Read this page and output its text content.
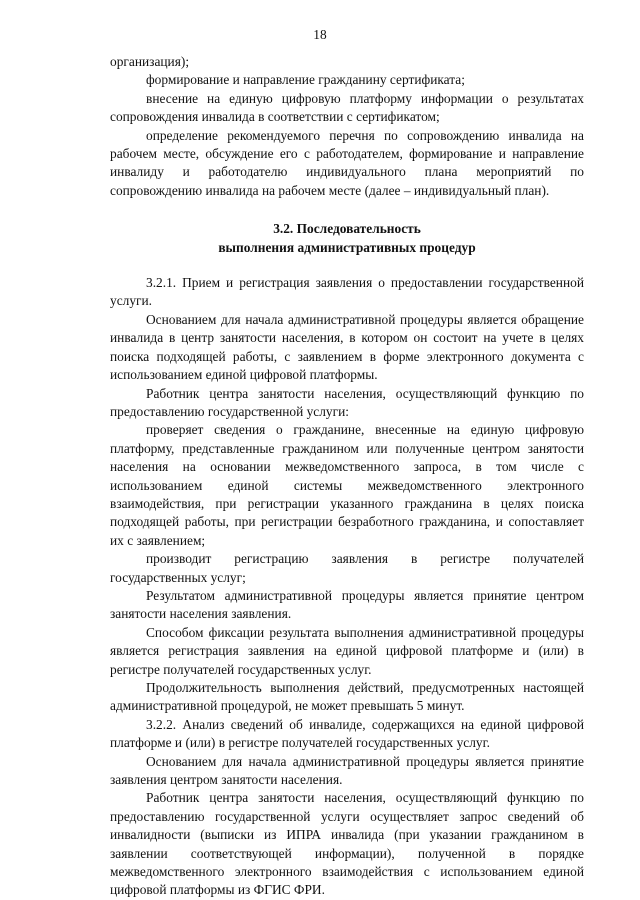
18

организация);

формирование и направление гражданину сертификата;

внесение на единую цифровую платформу информации о результатах сопровождения инвалида в соответствии с сертификатом;

определение рекомендуемого перечня по сопровождению инвалида на рабочем месте, обсуждение его с работодателем, формирование и направление инвалиду и работодателю индивидуального плана мероприятий по сопровождению инвалида на рабочем месте (далее – индивидуальный план).

3.2. Последовательность
выполнения административных процедур

3.2.1. Прием и регистрация заявления о предоставлении государственной услуги.

Основанием для начала административной процедуры является обращение инвалида в центр занятости населения, в котором он состоит на учете в целях поиска подходящей работы, с заявлением в форме электронного документа с использованием единой цифровой платформы.

Работник центра занятости населения, осуществляющий функцию по предоставлению государственной услуги:

проверяет сведения о гражданине, внесенные на единую цифровую платформу, представленные гражданином или полученные центром занятости населения на основании межведомственного запроса, в том числе с использованием единой системы межведомственного электронного взаимодействия, при регистрации указанного гражданина в целях поиска подходящей работы, при регистрации безработного гражданина, и сопоставляет их с заявлением;

производит регистрацию заявления в регистре получателей государственных услуг;

Результатом административной процедуры является принятие центром занятости населения заявления.

Способом фиксации результата выполнения административной процедуры является регистрация заявления на единой цифровой платформе и (или) в регистре получателей государственных услуг.

Продолжительность выполнения действий, предусмотренных настоящей административной процедурой, не может превышать 5 минут.

3.2.2. Анализ сведений об инвалиде, содержащихся на единой цифровой платформе и (или) в регистре получателей государственных услуг.

Основанием для начала административной процедуры является принятие заявления центром занятости населения.

Работник центра занятости населения, осуществляющий функцию по предоставлению государственной услуги осуществляет запрос сведений об инвалидности (выписки из ИПРА инвалида (при указании гражданином в заявлении соответствующей информации), полученной в порядке межведомственного электронного взаимодействия с использованием единой цифровой платформы из ФГИС ФРИ.
